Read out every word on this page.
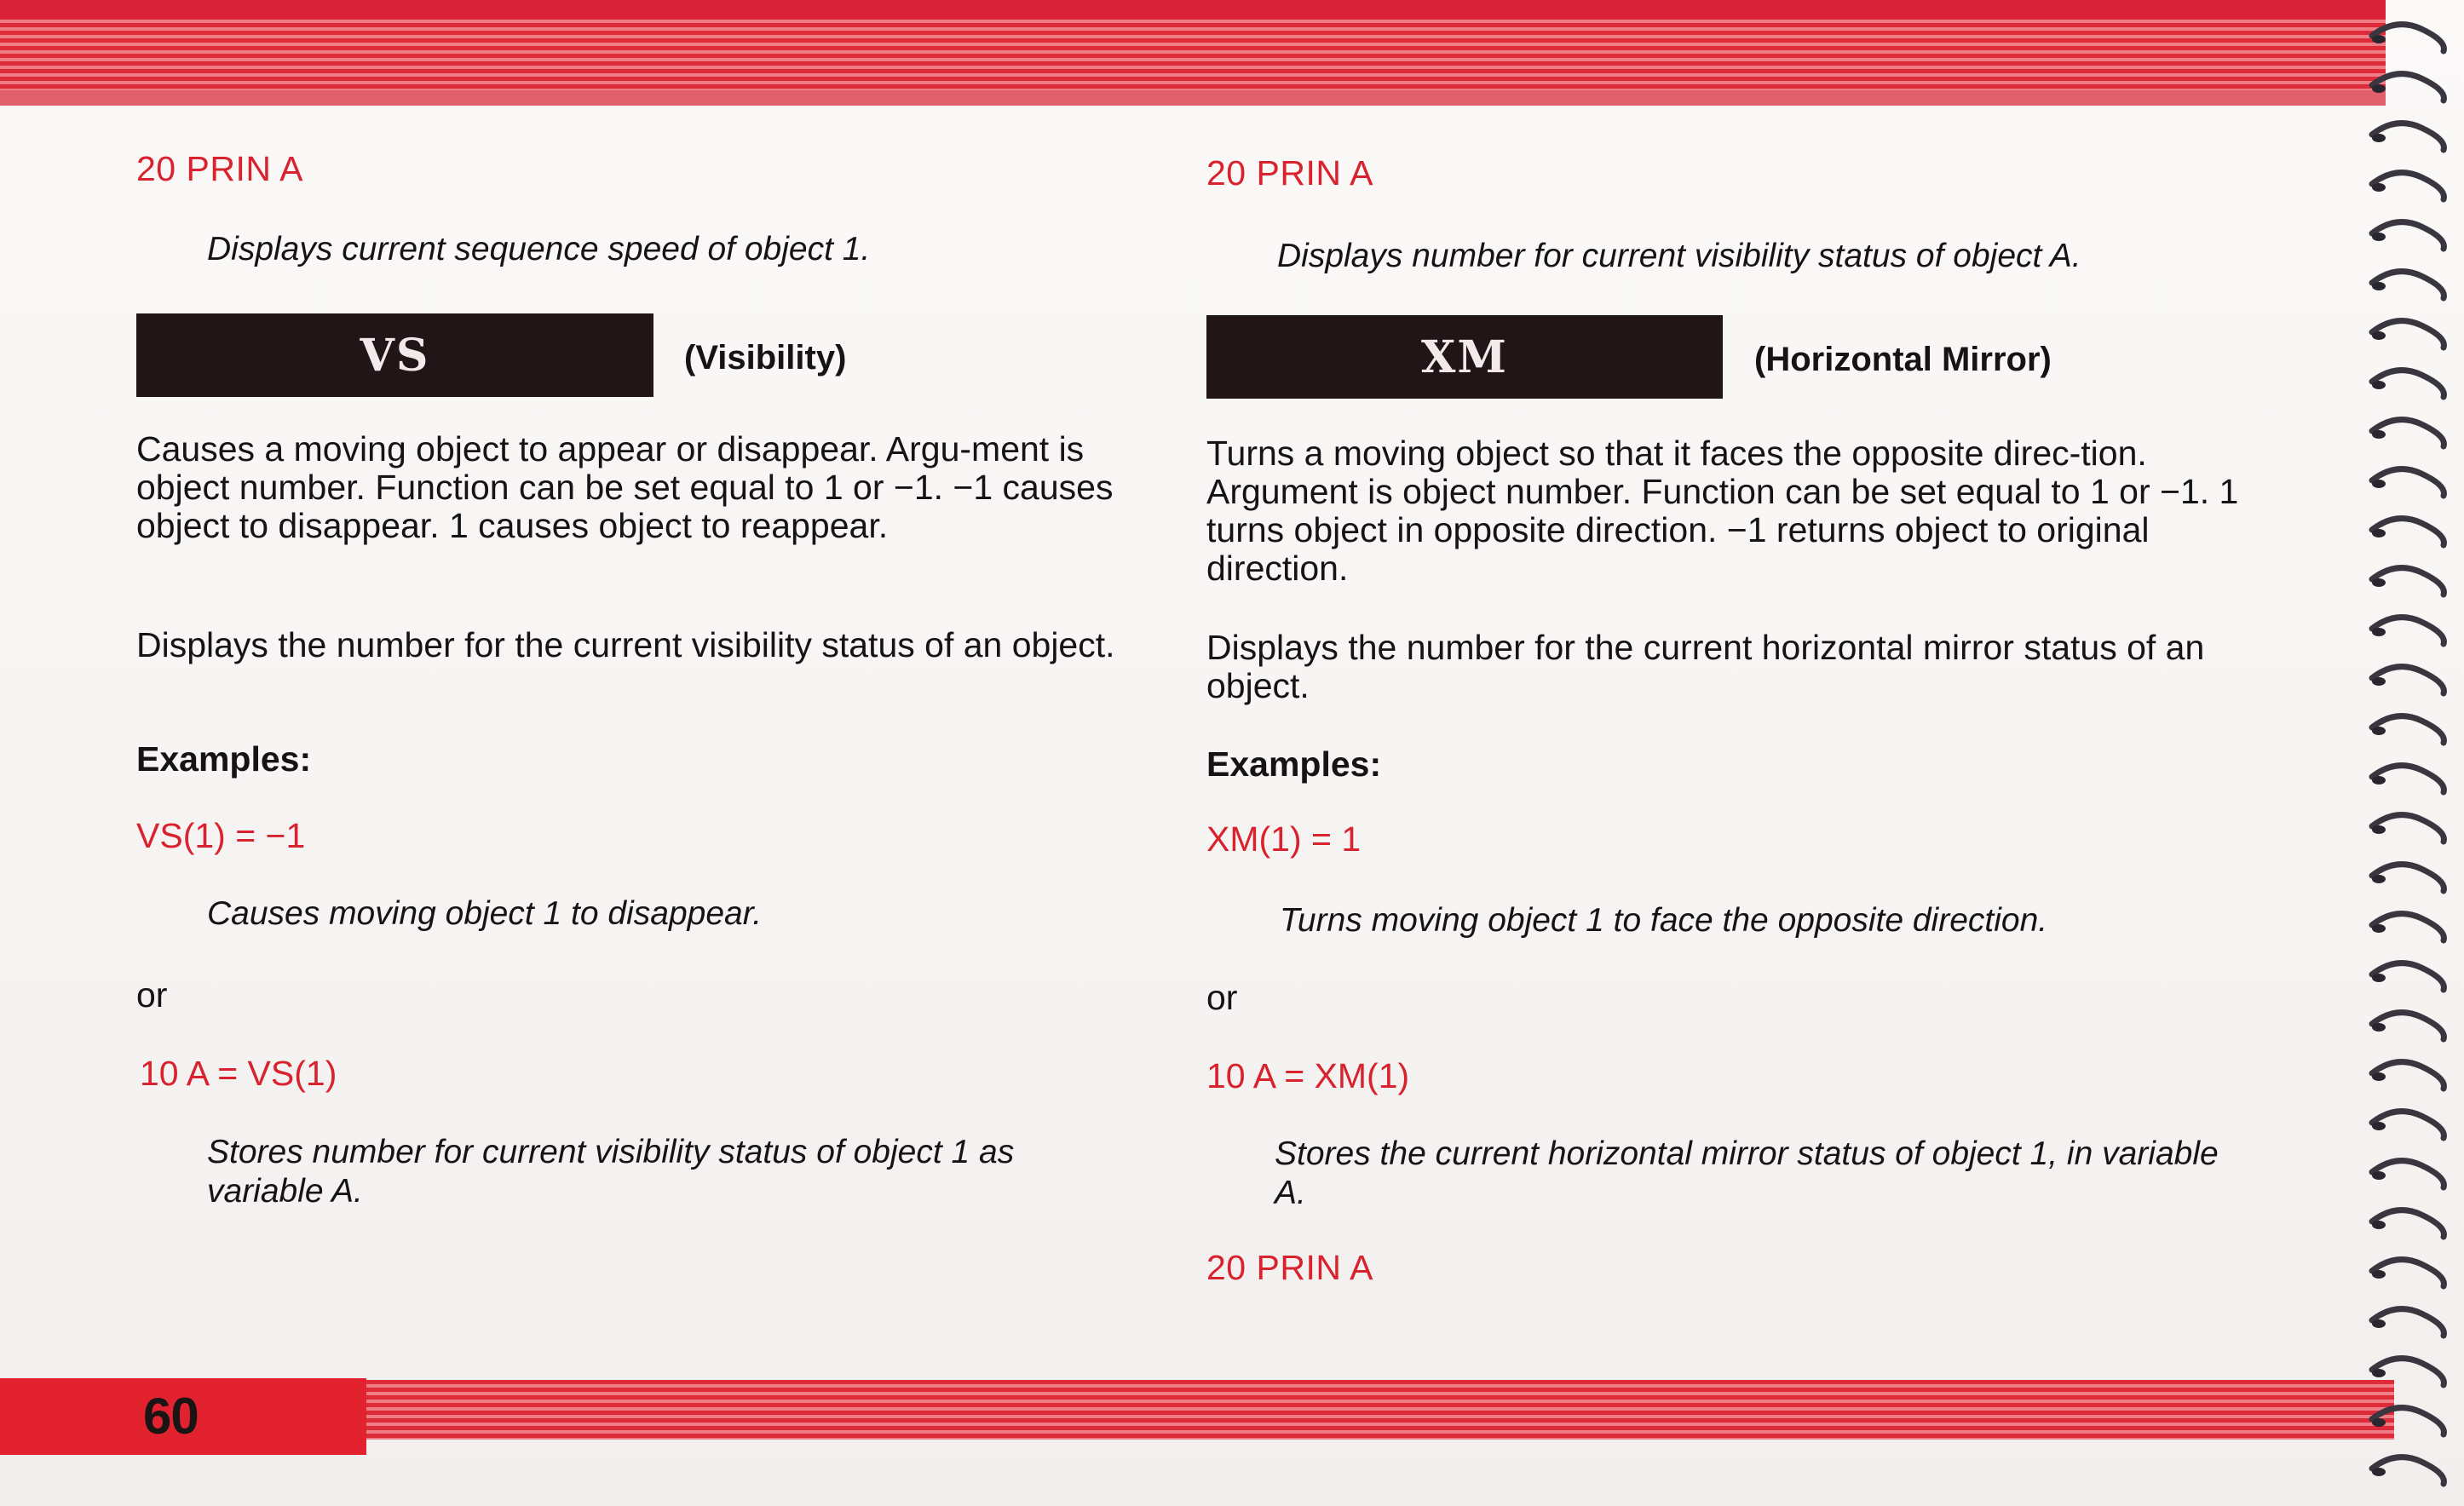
60
20 PRIN A
Displays current sequence speed of object 1.
VS	(Visibility)
Causes a moving object to appear or disappear. Argu-ment is object number. Function can be set equal to 1 or −1. −1 causes object to disappear. 1 causes object to reappear.
Displays the number for the current visibility status of an object.
Examples:
VS(1) = −1
Causes moving object 1 to disappear.
or
10 A = VS(1)
Stores number for current visibility status of object 1 as variable A.
20 PRIN A
Displays number for current visibility status of object A.
XM	(Horizontal Mirror)
Turns a moving object so that it faces the opposite direc-tion. Argument is object number. Function can be set equal to 1 or −1. 1 turns object in opposite direction. −1 returns object to original direction.
Displays the number for the current horizontal mirror status of an object.
Examples:
XM(1) = 1
Turns moving object 1 to face the opposite direction.
or
10 A = XM(1)
Stores the current horizontal mirror status of object 1, in variable A.
20 PRIN A
